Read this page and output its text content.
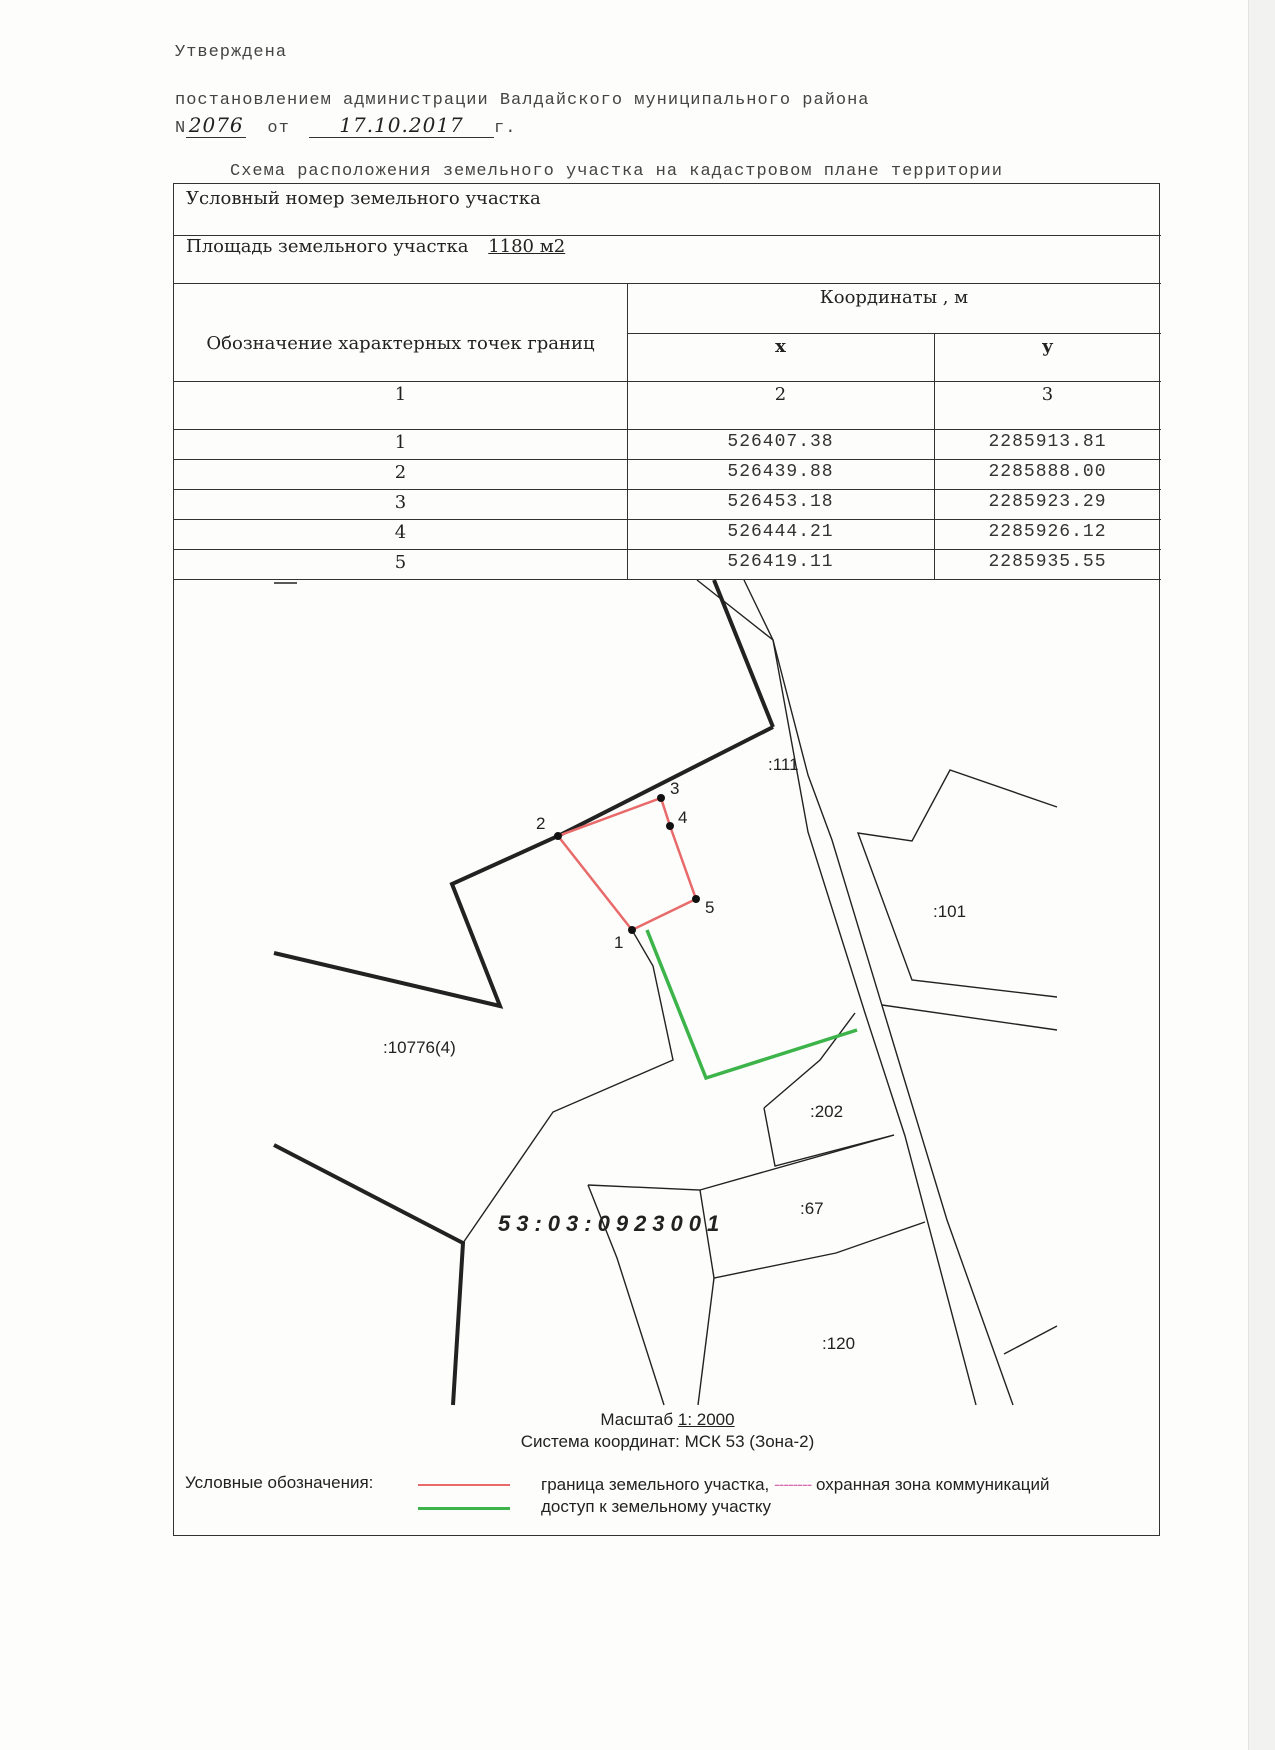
Утверждена
постановлением администрации Валдайского муниципального района
N 2076 от 17.10.2017 г.
Схема расположения земельного участка на кадастровом плане территории
Условный номер земельного участка
Площадь земельного участка 1180 м2
Обозначение характерных точек границ
Координаты , м
x	y
1	2	3
1	526407.38	2285913.81
2	526439.88	2285888.00
3	526453.18	2285923.29
4	526444.21	2285926.12
5	526419.11	2285935.55
Масштаб 1: 2000
Система координат: МСК 53 (Зона-2)
Условные обозначения:	граница земельного участка, -------- охранная зона коммуникаций
доступ к земельному участку
1
2
3
4
5
:111
:101
:10776(4)
:202
:67
:120
53:03:0923001
